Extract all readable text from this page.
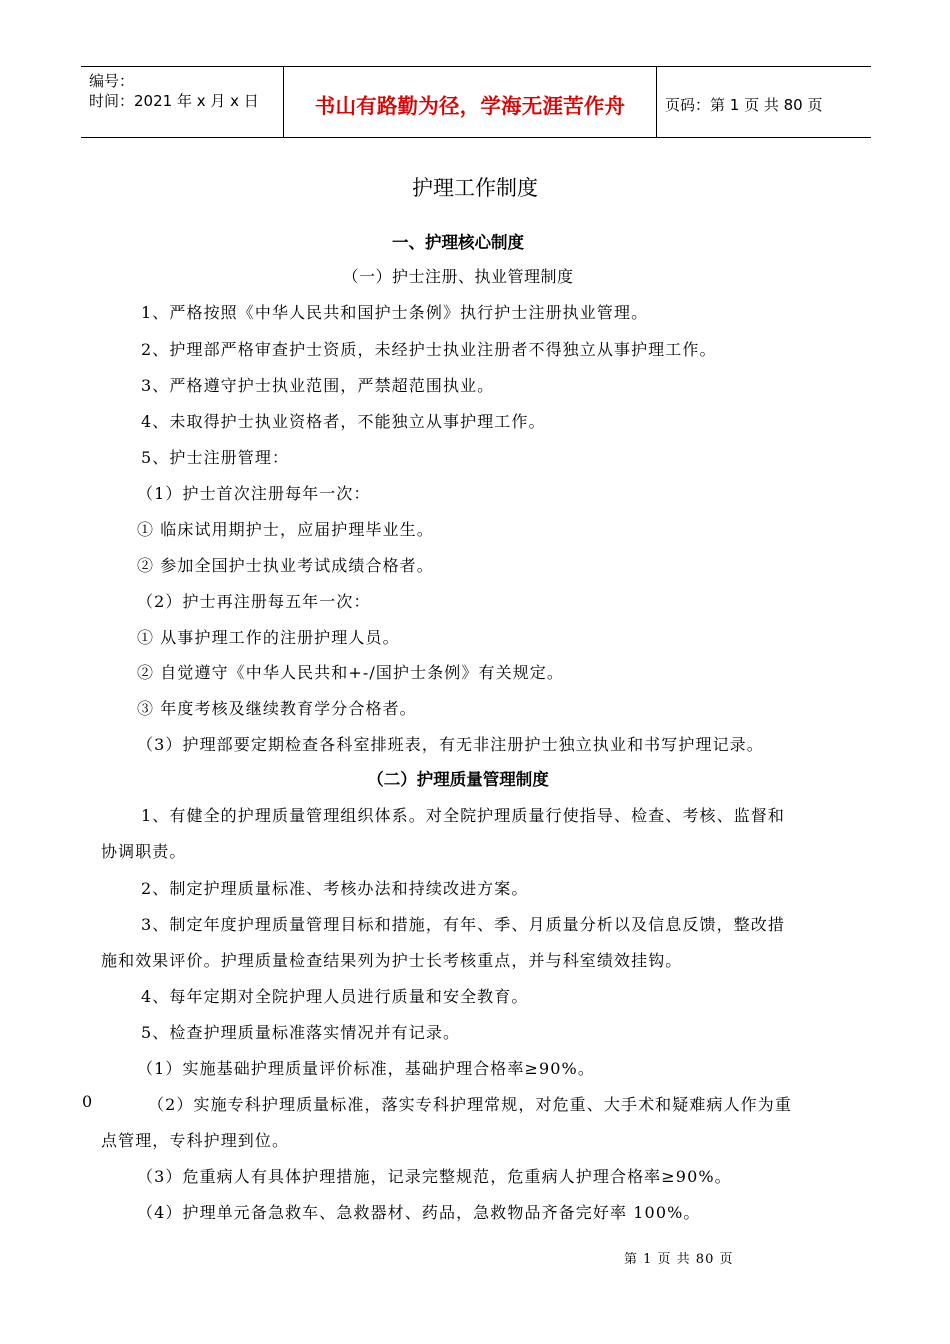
编号：
时间：2021 年 x 月 x 日	书山有路勤为径，学海无涯苦作舟	页码：第 1 页 共 80 页
护理工作制度
一、护理核心制度
（一）护士注册、执业管理制度
1、严格按照《中华人民共和国护士条例》执行护士注册执业管理。
2、护理部严格审查护士资质，未经护士执业注册者不得独立从事护理工作。
3、严格遵守护士执业范围，严禁超范围执业。
4、未取得护士执业资格者，不能独立从事护理工作。
5、护士注册管理：
（1）护士首次注册每年一次：
① 临床试用期护士，应届护理毕业生。
② 参加全国护士执业考试成绩合格者。
（2）护士再注册每五年一次：
① 从事护理工作的注册护理人员。
② 自觉遵守《中华人民共和+-/国护士条例》有关规定。
③ 年度考核及继续教育学分合格者。
（3）护理部要定期检查各科室排班表，有无非注册护士独立执业和书写护理记录。
（二）护理质量管理制度
1、有健全的护理质量管理组织体系。对全院护理质量行使指导、检查、考核、监督和
协调职责。
2、制定护理质量标准、考核办法和持续改进方案。
3、制定年度护理质量管理目标和措施，有年、季、月质量分析以及信息反馈，整改措
施和效果评价。护理质量检查结果列为护士长考核重点，并与科室绩效挂钩。
4、每年定期对全院护理人员进行质量和安全教育。
5、检查护理质量标准落实情况并有记录。
（1）实施基础护理质量评价标准，基础护理合格率≥90%。
0	（2）实施专科护理质量标准，落实专科护理常规，对危重、大手术和疑难病人作为重
点管理，专科护理到位。
（3）危重病人有具体护理措施，记录完整规范，危重病人护理合格率≥90%。
（4）护理单元备急救车、急救器材、药品，急救物品齐备完好率 100%。
第 1 页 共 80 页
